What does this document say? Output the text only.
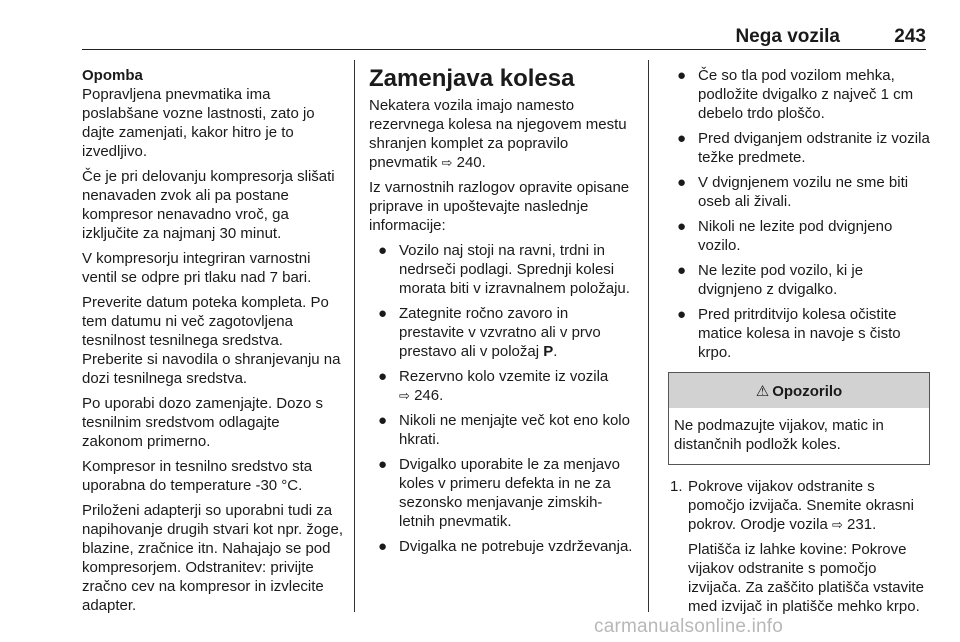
Nega vozila	243

Opomba

Popravljena pnevmatika ima poslabšane vozne lastnosti, zato jo dajte zamenjati, kakor hitro je to izvedljivo.

Če je pri delovanju kompresorja slišati nenavaden zvok ali pa postane kompresor nenavadno vroč, ga izključite za najmanj 30 minut.

V kompresorju integriran varnostni ventil se odpre pri tlaku nad 7 bari.

Preverite datum poteka kompleta. Po tem datumu ni več zagotovljena tesnilnost tesnilnega sredstva. Preberite si navodila o shranjevanju na dozi tesnilnega sredstva.

Po uporabi dozo zamenjajte. Dozo s tesnilnim sredstvom odlagajte zakonom primerno.

Kompresor in tesnilno sredstvo sta uporabna do temperature -30 °C.

Priloženi adapterji so uporabni tudi za napihovanje drugih stvari kot npr. žoge, blazine, zračnice itn. Nahajajo se pod kompresorjem. Odstranitev: privijte zračno cev na kompresor in izvlecite adapter.

Zamenjava kolesa

Nekatera vozila imajo namesto rezervnega kolesa na njegovem mestu shranjen komplet za popravilo pnevmatik ⇨ 240.

Iz varnostnih razlogov opravite opisane priprave in upoštevajte naslednje informacije:

● Vozilo naj stoji na ravni, trdni in nedrseči podlagi. Sprednji kolesi morata biti v izravnalnem položaju.
● Zategnite ročno zavoro in prestavite v vzvratno ali v prvo prestavo ali v položaj P.
● Rezervno kolo vzemite iz vozila
⇨ 246.
● Nikoli ne menjajte več kot eno kolo hkrati.
● Dvigalko uporabite le za menjavo koles v primeru defekta in ne za sezonsko menjavanje zimskih-letnih pnevmatik.
● Dvigalka ne potrebuje vzdrževanja.
● Če so tla pod vozilom mehka, podložite dvigalko z največ 1 cm debelo trdo ploščo.
● Pred dviganjem odstranite iz vozila težke predmete.
● V dvignjenem vozilu ne sme biti oseb ali živali.
● Nikoli ne lezite pod dvignjeno vozilo.
● Ne lezite pod vozilo, ki je dvignjeno z dvigalko.
● Pred pritrditvijo kolesa očistite matice kolesa in navoje s čisto krpo.
⚠ Opozorilo
Ne podmazujte vijakov, matic in distančnih podložk koles.
1. Pokrove vijakov odstranite s pomočjo izvijača. Snemite okrasni pokrov. Orodje vozila ⇨ 231.

Platišča iz lahke kovine: Pokrove vijakov odstranite s pomočjo izvijača. Za zaščito platišča vstavite med izvijač in platišče mehko krpo.

carmanualsonline.info
